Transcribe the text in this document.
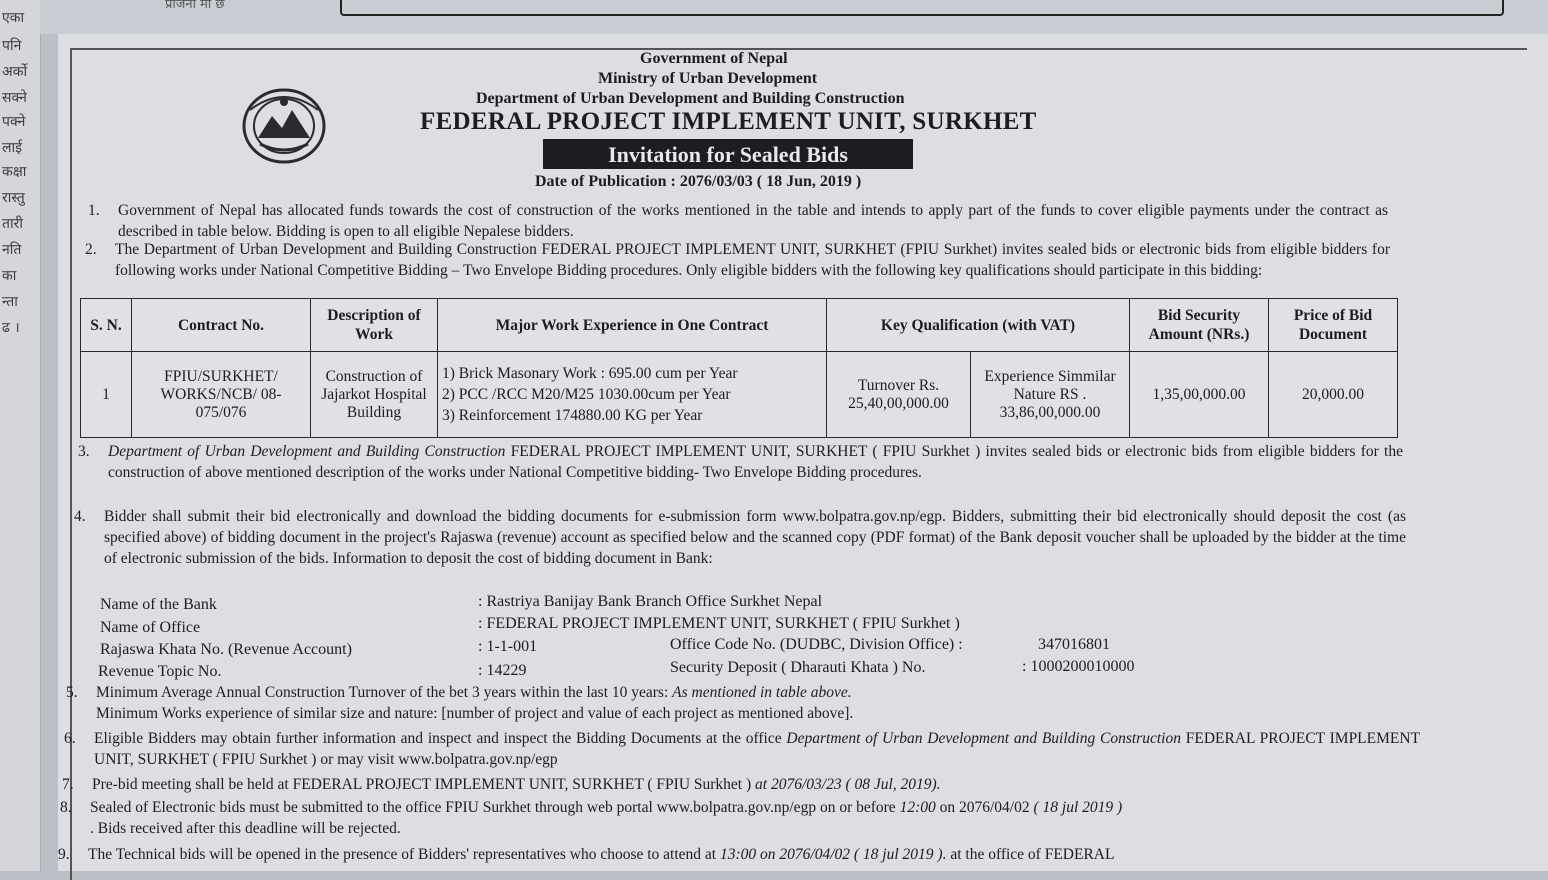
एका
पनि
अर्को
सक्ने
पक्ने
लाई
कक्षा
रास्तु
तारी
नति
का
न्ता
ढ ।
प्राजना मा छ
Government of Nepal
Ministry of Urban Development
Department of Urban Development and Building Construction
FEDERAL PROJECT IMPLEMENT UNIT, SURKHET
Invitation for Sealed Bids
Date of Publication : 2076/03/03 ( 18 Jun, 2019 )
1. Government of Nepal has allocated funds towards the cost of construction of the works mentioned in the table and intends to apply part of the funds to cover eligible payments under the contract as described in table below. Bidding is open to all eligible Nepalese bidders.
2. The Department of Urban Development and Building Construction FEDERAL PROJECT IMPLEMENT UNIT, SURKHET (FPIU Surkhet) invites sealed bids or electronic bids from eligible bidders for following works under National Competitive Bidding – Two Envelope Bidding procedures. Only eligible bidders with the following key qualifications should participate in this bidding:
S. N.	Contract No.	Description of Work	Major Work Experience in One Contract	Key Qualification (with VAT)		Bid Security Amount (NRs.)	Price of Bid Document
1	FPIU/SURKHET/ WORKS/NCB/ 08-075/076	Construction of Jajarkot Hospital Building	1) Brick Masonary Work : 695.00 cum per Year
2) PCC /RCC M20/M25 1030.00cum per Year
3) Reinforcement 174880.00 KG per Year	Turnover Rs. 25,40,00,000.00	Experience Simmilar Nature RS . 33,86,00,000.00	1,35,00,000.00	20,000.00
3. Department of Urban Development and Building Construction FEDERAL PROJECT IMPLEMENT UNIT, SURKHET ( FPIU Surkhet ) invites sealed bids or electronic bids from eligible bidders for the construction of above mentioned description of the works under National Competitive bidding- Two Envelope Bidding procedures.
4. Bidder shall submit their bid electronically and download the bidding documents for e-submission form www.bolpatra.gov.np/egp. Bidders, submitting their bid electronically should deposit the cost (as specified above) of bidding document in the project's Rajaswa (revenue) account as specified below and the scanned copy (PDF format) of the Bank deposit voucher shall be uploaded by the bidder at the time of electronic submission of the bids. Information to deposit the cost of bidding document in Bank:
Name of the Bank	: Rastriya Banijay Bank Branch Office Surkhet Nepal
Name of Office	: FEDERAL PROJECT IMPLEMENT UNIT, SURKHET ( FPIU Surkhet )
Rajaswa Khata No. (Revenue Account)	: 1-1-001	Office Code No. (DUDBC, Division Office) :	347016801
Revenue Topic No.	: 14229	Security Deposit ( Dharauti Khata ) No.	: 1000200010000
5. Minimum Average Annual Construction Turnover of the bet 3 years within the last 10 years: As mentioned in table above.
Minimum Works experience of similar size and nature: [number of project and value of each project as mentioned above].
6. Eligible Bidders may obtain further information and inspect and inspect the Bidding Documents at the office Department of Urban Development and Building Construction FEDERAL PROJECT IMPLEMENT UNIT, SURKHET ( FPIU Surkhet ) or may visit www.bolpatra.gov.np/egp
7. Pre-bid meeting shall be held at FEDERAL PROJECT IMPLEMENT UNIT, SURKHET ( FPIU Surkhet ) at 2076/03/23 ( 08 Jul, 2019).
8. Sealed of Electronic bids must be submitted to the office FPIU Surkhet through web portal www.bolpatra.gov.np/egp on or before 12:00 on 2076/04/02 ( 18 jul 2019 )
. Bids received after this deadline will be rejected.
9. The Technical bids will be opened in the presence of Bidders' representatives who choose to attend at 13:00 on 2076/04/02 ( 18 jul 2019 ). at the office of FEDERAL
